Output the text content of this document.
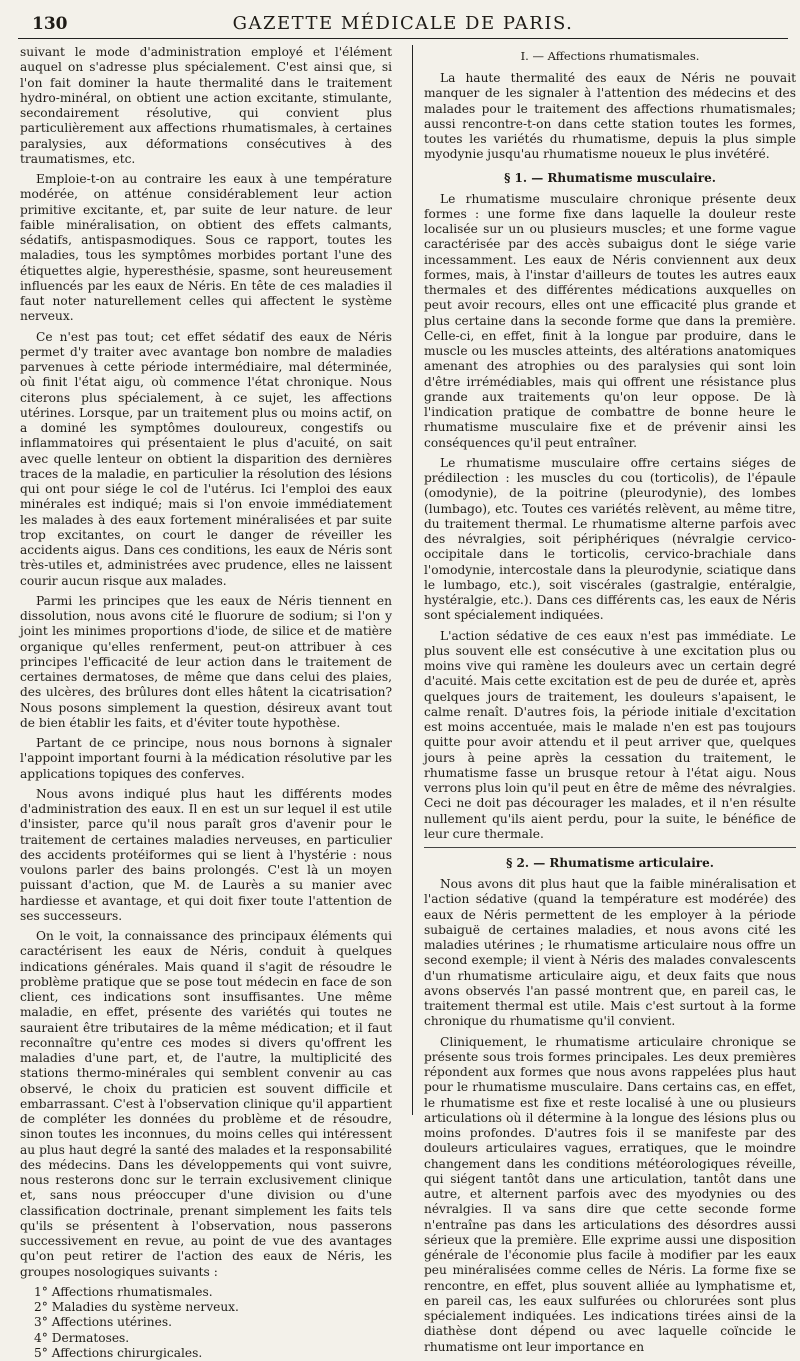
130	GAZETTE MÉDICALE DE PARIS.

suivant le mode d'administration employé et l'élément auquel on s'adresse plus spécialement. C'est ainsi que, si l'on fait dominer la haute thermalité dans le traitement hydro-minéral, on obtient une action excitante, stimulante, secondairement résolutive, qui convient plus particulièrement aux affections rhumatismales, à certaines paralysies, aux déformations consécutives à des traumatismes, etc.

Emploie-t-on au contraire les eaux à une température modérée, on atténue considérablement leur action primitive excitante, et, par suite de leur nature. de leur faible minéralisation, on obtient des effets calmants, sédatifs, antispasmodiques. Sous ce rapport, toutes les maladies, tous les symptômes morbides portant l'une des étiquettes algie, hyperesthésie, spasme, sont heureusement influencés par les eaux de Néris. En tête de ces maladies il faut noter naturellement celles qui affectent le système nerveux.

Ce n'est pas tout; cet effet sédatif des eaux de Néris permet d'y traiter avec avantage bon nombre de maladies parvenues à cette période intermédiaire, mal déterminée, où finit l'état aigu, où commence l'état chronique. Nous citerons plus spécialement, à ce sujet, les affections utérines. Lorsque, par un traitement plus ou moins actif, on a dominé les symptômes douloureux, congestifs ou inflammatoires qui présentaient le plus d'acuité, on sait avec quelle lenteur on obtient la disparition des dernières traces de la maladie, en particulier la résolution des lésions qui ont pour siége le col de l'utérus. Ici l'emploi des eaux minérales est indiqué; mais si l'on envoie immédiatement les malades à des eaux fortement minéralisées et par suite trop excitantes, on court le danger de réveiller les accidents aigus. Dans ces conditions, les eaux de Néris sont très-utiles et, administrées avec prudence, elles ne laissent courir aucun risque aux malades.

Parmi les principes que les eaux de Néris tiennent en dissolution, nous avons cité le fluorure de sodium; si l'on y joint les minimes proportions d'iode, de silice et de matière organique qu'elles renferment, peut-on attribuer à ces principes l'efficacité de leur action dans le traitement de certaines dermatoses, de même que dans celui des plaies, des ulcères, des brûlures dont elles hâtent la cicatrisation? Nous posons simplement la question, désireux avant tout de bien établir les faits, et d'éviter toute hypothèse.

Partant de ce principe, nous nous bornons à signaler l'appoint important fourni à la médication résolutive par les applications topiques des conferves.

Nous avons indiqué plus haut les différents modes d'administration des eaux. Il en est un sur lequel il est utile d'insister, parce qu'il nous paraît gros d'avenir pour le traitement de certaines maladies nerveuses, en particulier des accidents protéiformes qui se lient à l'hystérie : nous voulons parler des bains prolongés. C'est là un moyen puissant d'action, que M. de Laurès a su manier avec hardiesse et avantage, et qui doit fixer toute l'attention de ses successeurs.

On le voit, la connaissance des principaux éléments qui caractérisent les eaux de Néris, conduit à quelques indications générales. Mais quand il s'agit de résoudre le problème pratique que se pose tout médecin en face de son client, ces indications sont insuffisantes. Une même maladie, en effet, présente des variétés qui toutes ne sauraient être tributaires de la même médication; et il faut reconnaître qu'entre ces modes si divers qu'offrent les maladies d'une part, et, de l'autre, la multiplicité des stations thermo-minérales qui semblent convenir au cas observé, le choix du praticien est souvent difficile et embarrassant. C'est à l'observation clinique qu'il appartient de compléter les données du problème et de résoudre, sinon toutes les inconnues, du moins celles qui intéressent au plus haut degré la santé des malades et la responsabilité des médecins. Dans les développements qui vont suivre, nous resterons donc sur le terrain exclusivement clinique et, sans nous préoccuper d'une division ou d'une classification doctrinale, prenant simplement les faits tels qu'ils se présentent à l'observation, nous passerons successivement en revue, au point de vue des avantages qu'on peut retirer de l'action des eaux de Néris, les groupes nosologiques suivants :

1° Affections rhumatismales.
2° Maladies du système nerveux.
3° Affections utérines.
4° Dermatoses.
5° Affections chirurgicales.
I. — Affections rhumatismales.

La haute thermalité des eaux de Néris ne pouvait manquer de les signaler à l'attention des médecins et des malades pour le traitement des affections rhumatismales; aussi rencontre-t-on dans cette station toutes les formes, toutes les variétés du rhumatisme, depuis la plus simple myodynie jusqu'au rhumatisme noueux le plus invétéré.

§ 1. — Rhumatisme musculaire.

Le rhumatisme musculaire chronique présente deux formes : une forme fixe dans laquelle la douleur reste localisée sur un ou plusieurs muscles; et une forme vague caractérisée par des accès subaigus dont le siége varie incessamment. Les eaux de Néris conviennent aux deux formes, mais, à l'instar d'ailleurs de toutes les autres eaux thermales et des différentes médications auxquelles on peut avoir recours, elles ont une efficacité plus grande et plus certaine dans la seconde forme que dans la première. Celle-ci, en effet, finit à la longue par produire, dans le muscle ou les muscles atteints, des altérations anatomiques amenant des atrophies ou des paralysies qui sont loin d'être irrémédiables, mais qui offrent une résistance plus grande aux traitements qu'on leur oppose. De là l'indication pratique de combattre de bonne heure le rhumatisme musculaire fixe et de prévenir ainsi les conséquences qu'il peut entraîner.

Le rhumatisme musculaire offre certains siéges de prédilection : les muscles du cou (torticolis), de l'épaule (omodynie), de la poitrine (pleurodynie), des lombes (lumbago), etc. Toutes ces variétés relèvent, au même titre, du traitement thermal. Le rhumatisme alterne parfois avec des névralgies, soit périphériques (névralgie cervico-occipitale dans le torticolis, cervico-brachiale dans l'omodynie, intercostale dans la pleurodynie, sciatique dans le lumbago, etc.), soit viscérales (gastralgie, entéralgie, hystéralgie, etc.). Dans ces différents cas, les eaux de Néris sont spécialement indiquées.

L'action sédative de ces eaux n'est pas immédiate. Le plus souvent elle est consécutive à une excitation plus ou moins vive qui ramène les douleurs avec un certain degré d'acuité. Mais cette excitation est de peu de durée et, après quelques jours de traitement, les douleurs s'apaisent, le calme renaît. D'autres fois, la période initiale d'excitation est moins accentuée, mais le malade n'en est pas toujours quitte pour avoir attendu et il peut arriver que, quelques jours à peine après la cessation du traitement, le rhumatisme fasse un brusque retour à l'état aigu. Nous verrons plus loin qu'il peut en être de même des névralgies. Ceci ne doit pas décourager les malades, et il n'en résulte nullement qu'ils aient perdu, pour la suite, le bénéfice de leur cure thermale.

§ 2. — Rhumatisme articulaire.

Nous avons dit plus haut que la faible minéralisation et l'action sédative (quand la température est modérée) des eaux de Néris permettent de les employer à la période subaiguë de certaines maladies, et nous avons cité les maladies utérines ; le rhumatisme articulaire nous offre un second exemple; il vient à Néris des malades convalescents d'un rhumatisme articulaire aigu, et deux faits que nous avons observés l'an passé montrent que, en pareil cas, le traitement thermal est utile. Mais c'est surtout à la forme chronique du rhumatisme qu'il convient.

Cliniquement, le rhumatisme articulaire chronique se présente sous trois formes principales. Les deux premières répondent aux formes que nous avons rappelées plus haut pour le rhumatisme musculaire. Dans certains cas, en effet, le rhumatisme est fixe et reste localisé à une ou plusieurs articulations où il détermine à la longue des lésions plus ou moins profondes. D'autres fois il se manifeste par des douleurs articulaires vagues, erratiques, que le moindre changement dans les conditions météorologiques réveille, qui siégent tantôt dans une articulation, tantôt dans une autre, et alternent parfois avec des myodynies ou des névralgies. Il va sans dire que cette seconde forme n'entraîne pas dans les articulations des désordres aussi sérieux que la première. Elle exprime aussi une disposition générale de l'économie plus facile à modifier par les eaux peu minéralisées comme celles de Néris. La forme fixe se rencontre, en effet, plus souvent alliée au lymphatisme et, en pareil cas, les eaux sulfurées ou chlorurées sont plus spécialement indiquées. Les indications tirées ainsi de la diathèse dont dépend ou avec laquelle coïncide le rhumatisme ont leur importance en
